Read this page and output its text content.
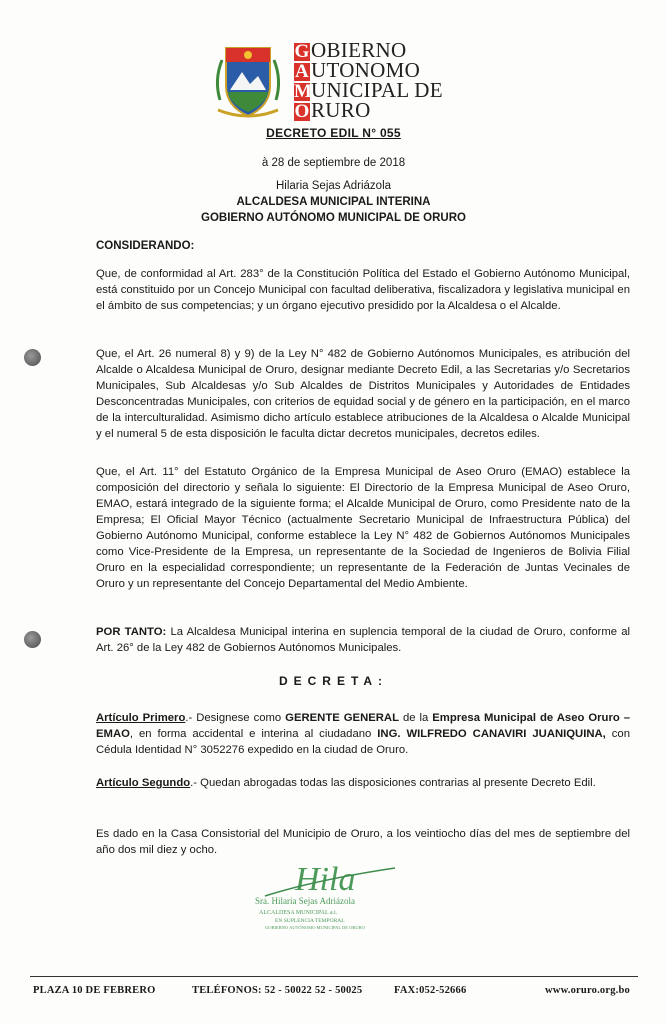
GOBIERNO
AUTONOMO
MUNICIPAL DE
ORURO
DECRETO EDIL N° 055
à 28 de septiembre de 2018
Hilaria Sejas Adriázola
ALCALDESA MUNICIPAL INTERINA
GOBIERNO AUTÓNOMO MUNICIPAL DE ORURO
CONSIDERANDO:
Que, de conformidad al Art. 283° de la Constitución Política del Estado el Gobierno Autónomo Municipal, está constituido por un Concejo Municipal con facultad deliberativa, fiscalizadora y legislativa municipal en el ámbito de sus competencias; y un órgano ejecutivo presidido por la Alcaldesa o el Alcalde.
Que, el Art. 26 numeral 8) y 9) de la Ley N° 482 de Gobierno Autónomos Municipales, es atribución del Alcalde o Alcaldesa Municipal de Oruro, designar mediante Decreto Edil, a las Secretarias y/o Secretarios Municipales, Sub Alcaldesas y/o Sub Alcaldes de Distritos Municipales y Autoridades de Entidades Desconcentradas Municipales, con criterios de equidad social y de género en la participación, en el marco de la interculturalidad. Asimismo dicho artículo establece atribuciones de la Alcaldesa o Alcalde Municipal y el numeral 5 de esta disposición le faculta dictar decretos municipales, decretos ediles.
Que, el Art. 11° del Estatuto Orgánico de la Empresa Municipal de Aseo Oruro (EMAO) establece la composición del directorio y señala lo siguiente: El Directorio de la Empresa Municipal de Aseo Oruro, EMAO, estará integrado de la siguiente forma; el Alcalde Municipal de Oruro, como Presidente nato de la Empresa; El Oficial Mayor Técnico (actualmente Secretario Municipal de Infraestructura Pública) del Gobierno Autónomo Municipal, conforme establece la Ley N° 482 de Gobiernos Autónomos Municipales como Vice-Presidente de la Empresa, un representante de la Sociedad de Ingenieros de Bolivia Filial Oruro en la especialidad correspondiente; un representante de la Federación de Juntas Vecinales de Oruro y un representante del Concejo Departamental del Medio Ambiente.
POR TANTO: La Alcaldesa Municipal interina en suplencia temporal de la ciudad de Oruro, conforme al Art. 26° de la Ley 482 de Gobiernos Autónomos Municipales.
DECRETA:
Artículo Primero.- Designese como GERENTE GENERAL de la Empresa Municipal de Aseo Oruro – EMAO, en forma accidental e interina al ciudadano ING. WILFREDO CANAVIRI JUANIQUINA, con Cédula Identidad N° 3052276 expedido en la ciudad de Oruro.
Artículo Segundo.- Quedan abrogadas todas las disposiciones contrarias al presente Decreto Edil.
Es dado en la Casa Consistorial del Municipio de Oruro, a los veintiocho días del mes de septiembre del año dos mil diez y ocho.
Hila
Sra. Hilaria Sejas Adriázola
ALCALDESA MUNICIPAL a.i.
EN SUPLENCIA TEMPORAL
GOBIERNO AUTÓNOMO MUNICIPAL DE ORURO
PLAZA 10 DE FEBRERO	TELÉFONOS: 52 - 50022 52 - 50025	FAX:052-52666	www.oruro.org.bo
